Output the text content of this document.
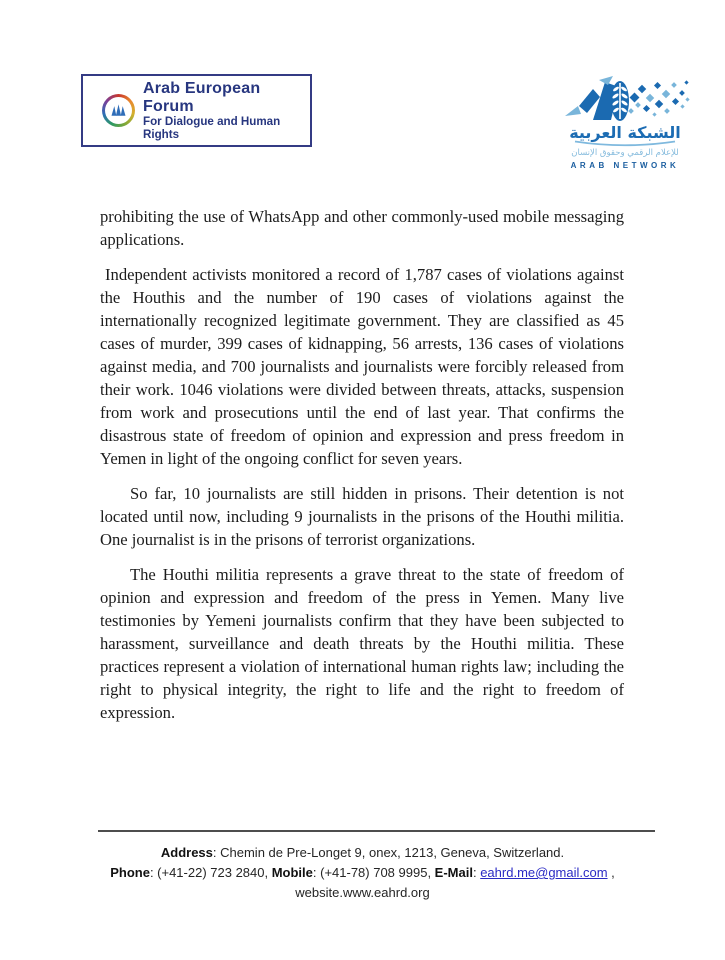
Arab European Forum
For Dialogue and Human Rights	الشبكة العربية
للإعلام الرقمي وحقوق الإنسان
ARAB NETWORK

prohibiting the use of WhatsApp and other commonly-used mobile messaging applications.

Independent activists monitored a record of 1,787 cases of violations against the Houthis and the number of 190 cases of violations against the internationally recognized legitimate government. They are classified as 45 cases of murder, 399 cases of kidnapping, 56 arrests, 136 cases of violations against media, and 700 journalists and journalists were forcibly released from their work. 1046 violations were divided between threats, attacks, suspension from work and prosecutions until the end of last year. That confirms the disastrous state of freedom of opinion and expression and press freedom in Yemen in light of the ongoing conflict for seven years.

So far, 10 journalists are still hidden in prisons. Their detention is not located until now, including 9 journalists in the prisons of the Houthi militia. One journalist is in the prisons of terrorist organizations.

The Houthi militia represents a grave threat to the state of freedom of opinion and expression and freedom of the press in Yemen. Many live testimonies by Yemeni journalists confirm that they have been subjected to harassment, surveillance and death threats by the Houthi militia. These practices represent a violation of international human rights law; including the right to physical integrity, the right to life and the right to freedom of expression.

Address: Chemin de Pre-Longet 9, onex, 1213, Geneva, Switzerland.
Phone: (+41-22) 723 2840, Mobile: (+41-78) 708 9995, E-Mail: eahrd.me@gmail.com ,
website.www.eahrd.org
